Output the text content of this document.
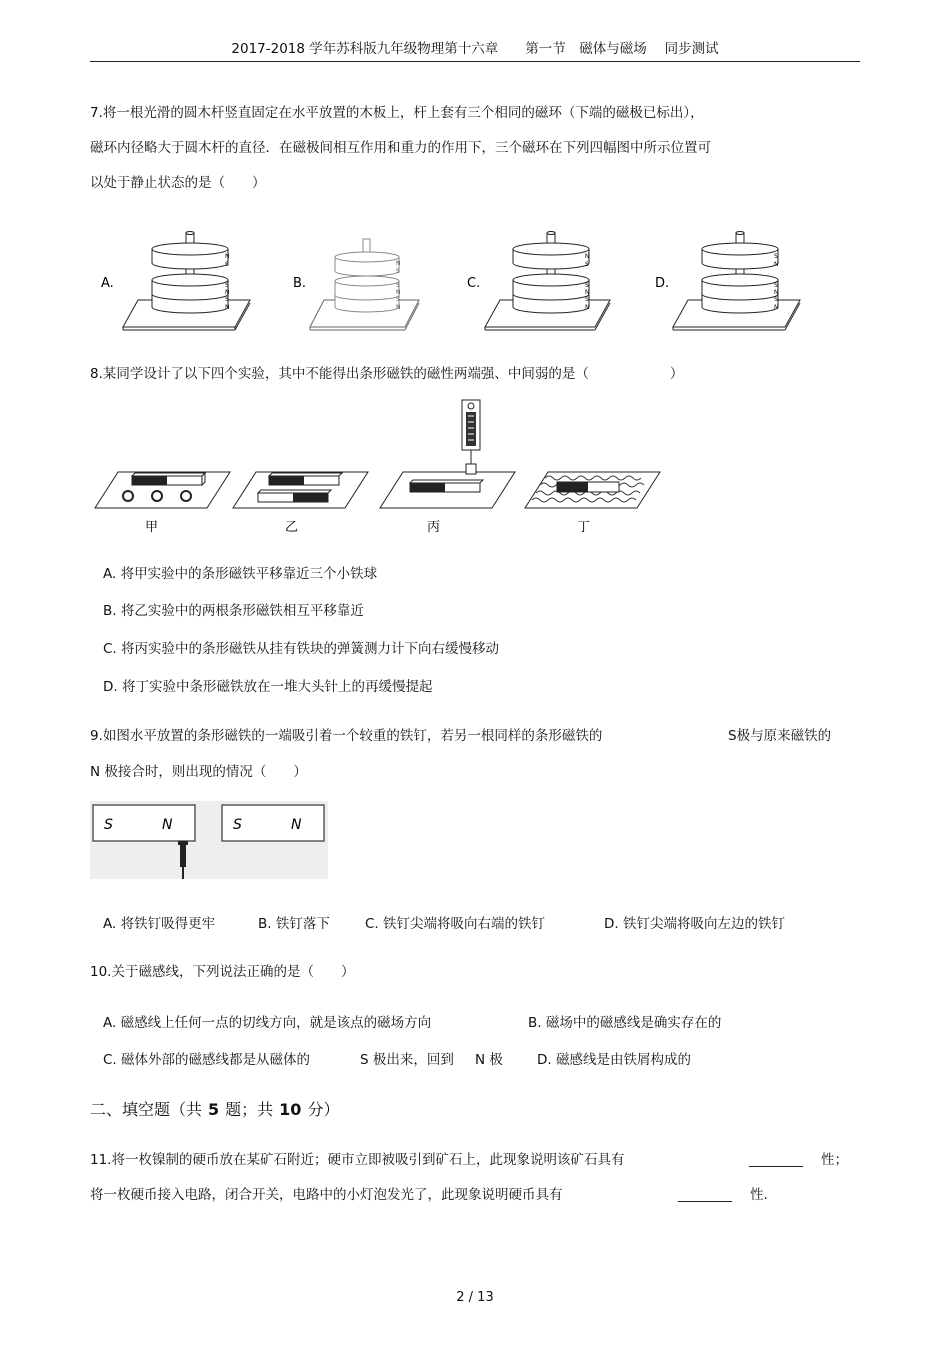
2017-2018 学年苏科版九年级物理第十六章　　第一节　磁体与磁场　 同步测试
7.将一根光滑的圆木杆竖直固定在水平放置的木板上，杆上套有三个相同的磁环（下端的磁极已标出），
磁环内径略大于圆木杆的直径．在磁极间相互作用和重力的作用下，三个磁环在下列四幅图中所示位置可
以处于静止状态的是（　　）
A.
N
S
S
N
S
N
B.
N
S
S
N
S
N
C.
N
S
S
N
S
N
D.
S
N
S
N
S
N
8.某同学设计了以下四个实验，其中不能得出条形磁铁的磁性两端强、中间弱的是（　　　　　　）
甲	乙	丙	丁
A. 将甲实验中的条形磁铁平移靠近三个小铁球
B. 将乙实验中的两根条形磁铁相互平移靠近
C. 将丙实验中的条形磁铁从挂有铁块的弹簧测力计下向右缓慢移动
D. 将丁实验中条形磁铁放在一堆大头针上的再缓慢提起
9.如图水平放置的条形磁铁的一端吸引着一个较重的铁钉，若另一根同样的条形磁铁的	S极与原来磁铁的
N 极接合时，则出现的情况（　　）
S	N	S	N
A. 将铁钉吸得更牢	B. 铁钉落下	C. 铁钉尖端将吸向右端的铁钉	D. 铁钉尖端将吸向左边的铁钉
10.关于磁感线，下列说法正确的是（　　）
A. 磁感线上任何一点的切线方向，就是该点的磁场方向	B. 磁场中的磁感线是确实存在的
C. 磁体外部的磁感线都是从磁体的	S 极出来，回到 N 极	D. 磁感线是由铁屑构成的
二、填空题（共 5 题；共 10 分）
11.将一枚镍制的硬币放在某矿石附近；硬市立即被吸引到矿石上，此现象说明该矿石具有	________ 性；
将一枚硬币接入电路，闭合开关，电路中的小灯泡发光了，此现象说明硬币具有	________ 性.
2 / 13
